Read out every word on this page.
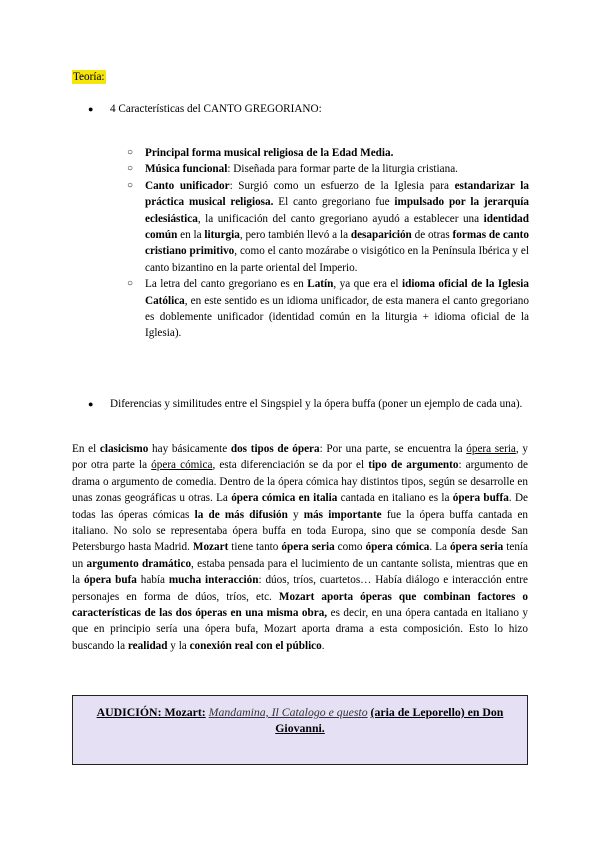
Teoría:
● 4 Características del CANTO GREGORIANO:
○ Principal forma musical religiosa de la Edad Media.
○ Música funcional: Diseñada para formar parte de la liturgia cristiana.
○ Canto unificador: Surgió como un esfuerzo de la Iglesia para estandarizar la práctica musical religiosa. El canto gregoriano fue impulsado por la jerarquía eclesiástica, la unificación del canto gregoriano ayudó a establecer una identidad común en la liturgia, pero también llevó a la desaparición de otras formas de canto cristiano primitivo, como el canto mozárabe o visigótico en la Península Ibérica y el canto bizantino en la parte oriental del Imperio.
○ La letra del canto gregoriano es en Latín, ya que era el idioma oficial de la Iglesia Católica, en este sentido es un idioma unificador, de esta manera el canto gregoriano es doblemente unificador (identidad común en la liturgia + idioma oficial de la Iglesia).
● Diferencias y similitudes entre el Singspiel y la ópera buffa (poner un ejemplo de cada una).

En el clasicismo hay básicamente dos tipos de ópera: Por una parte, se encuentra la ópera seria, y por otra parte la ópera cómica, esta diferenciación se da por el tipo de argumento: argumento de drama o argumento de comedia. Dentro de la ópera cómica hay distintos tipos, según se desarrolle en unas zonas geográficas u otras. La ópera cómica en italia cantada en italiano es la ópera buffa. De todas las óperas cómicas la de más difusión y más importante fue la ópera buffa cantada en italiano. No solo se representaba ópera buffa en toda Europa, sino que se componía desde San Petersburgo hasta Madrid. Mozart tiene tanto ópera seria como ópera cómica. La ópera seria tenía un argumento dramático, estaba pensada para el lucimiento de un cantante solista, mientras que en la ópera bufa había mucha interacción: dúos, tríos, cuartetos… Había diálogo e interacción entre personajes en forma de dúos, tríos, etc. Mozart aporta óperas que combinan factores o características de las dos óperas en una misma obra, es decir, en una ópera cantada en italiano y que en principio sería una ópera bufa, Mozart aporta drama a esta composición. Esto lo hizo buscando la realidad y la conexión real con el público.

AUDICIÓN: Mozart: Mandamina, Il Catalogo e questo (aria de Leporello) en Don Giovanni.
